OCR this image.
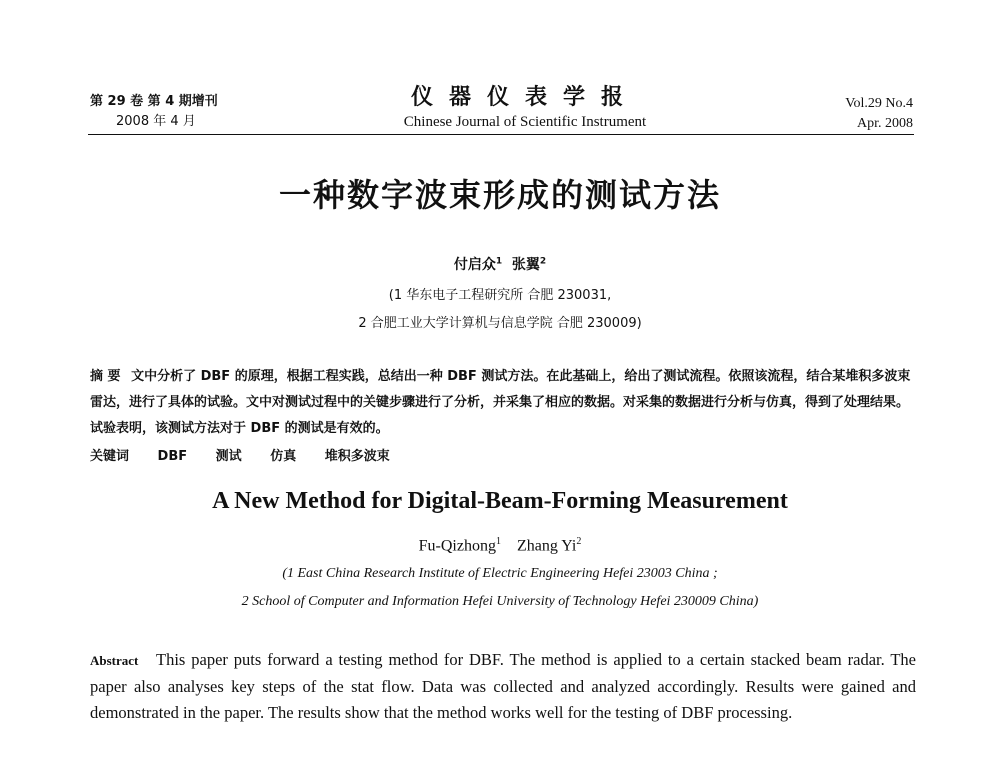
第 29 卷 第 4 期增刊
2008 年 4 月
仪器仪表学报
Chinese Journal of Scientific Instrument
Vol.29 No.4
Apr. 2008
一种数字波束形成的测试方法
付启众$^1$ 张翼$^2$
(1 华东电子工程研究所 合肥 230031,
2 合肥工业大学计算机与信息学院 合肥 230009)
摘 要 文中分析了 DBF 的原理，根据工程实践，总结出一种 DBF 测试方法。在此基础上，给出了测试流程。依照该流程，结合某堆积多波束雷达，进行了具体的试验。文中对测试过程中的关键步骤进行了分析，并采集了相应的数据。对采集的数据进行分析与仿真，得到了处理结果。试验表明，该测试方法对于 DBF 的测试是有效的。
关键词 DBF 测试 仿真 堆积多波束
A New Method for Digital-Beam-Forming Measurement
Fu-Qizhong$^1$ Zhang Yi$^2$
(1 East China Research Institute of Electric Engineering Hefei 23003 China ;
2 School of Computer and Information Hefei University of Technology Hefei 230009 China)
Abstract This paper puts forward a testing method for DBF. The method is applied to a certain stacked beam radar. The paper also analyses key steps of the stat flow. Data was collected and analyzed accordingly. Results were gained and demonstrated in the paper. The results show that the method works well for the testing of DBF processing.
